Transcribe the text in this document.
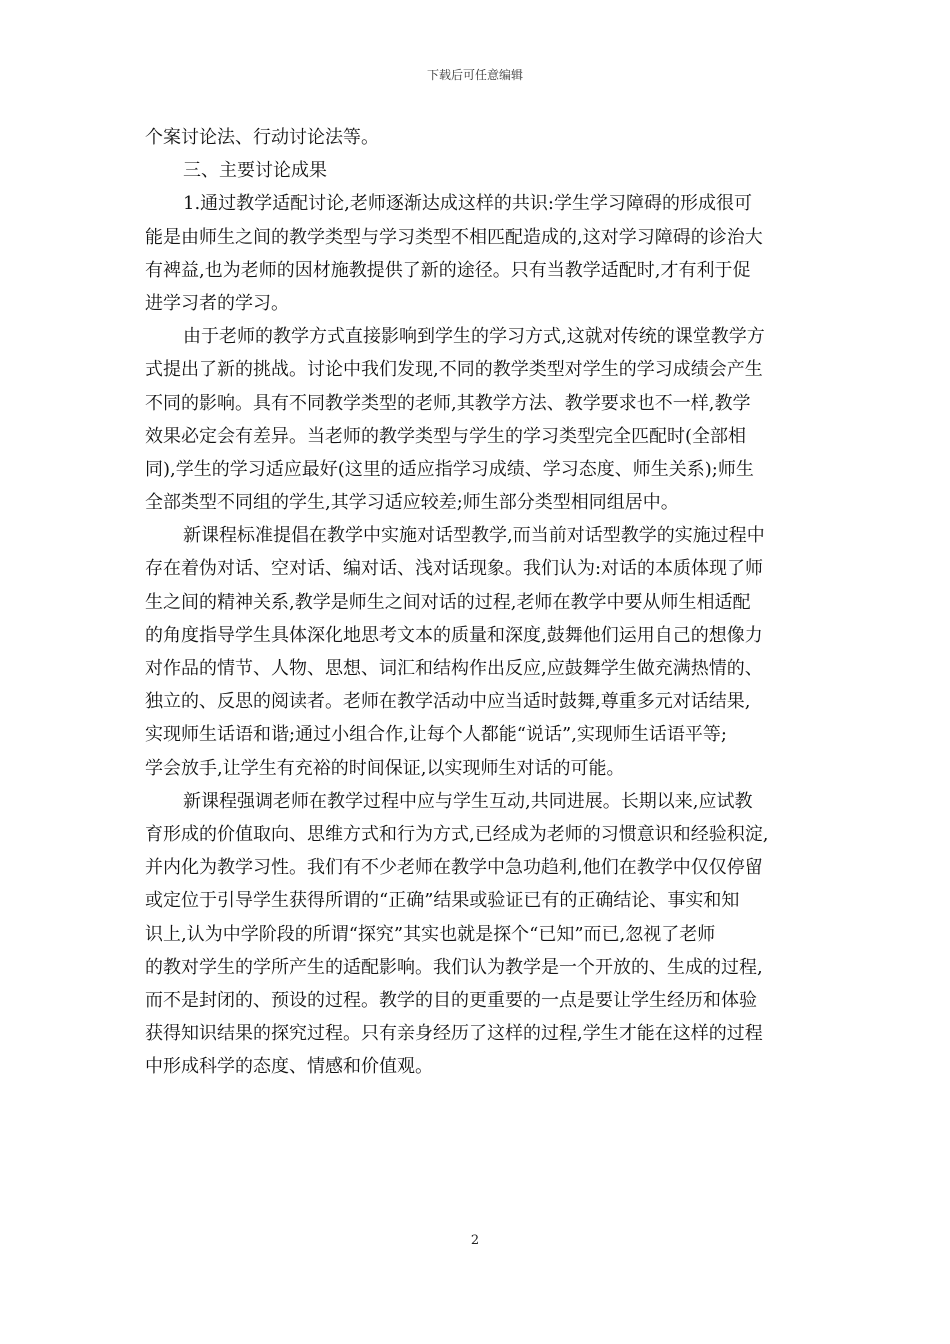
下载后可任意编辑
个案讨论法、行动讨论法等。
三、主要讨论成果
1.通过教学适配讨论,老师逐渐达成这样的共识:学生学习障碍的形成很可
能是由师生之间的教学类型与学习类型不相匹配造成的,这对学习障碍的诊治大
有裨益,也为老师的因材施教提供了新的途径。只有当教学适配时,才有利于促
进学习者的学习。
由于老师的教学方式直接影响到学生的学习方式,这就对传统的课堂教学方
式提出了新的挑战。讨论中我们发现,不同的教学类型对学生的学习成绩会产生
不同的影响。具有不同教学类型的老师,其教学方法、教学要求也不一样,教学
效果必定会有差异。当老师的教学类型与学生的学习类型完全匹配时(全部相
同),学生的学习适应最好(这里的适应指学习成绩、学习态度、师生关系);师生
全部类型不同组的学生,其学习适应较差;师生部分类型相同组居中。
新课程标准提倡在教学中实施对话型教学,而当前对话型教学的实施过程中
存在着伪对话、空对话、编对话、浅对话现象。我们认为:对话的本质体现了师
生之间的精神关系,教学是师生之间对话的过程,老师在教学中要从师生相适配
的角度指导学生具体深化地思考文本的质量和深度,鼓舞他们运用自己的想像力
对作品的情节、人物、思想、词汇和结构作出反应,应鼓舞学生做充满热情的、
独立的、反思的阅读者。老师在教学活动中应当适时鼓舞,尊重多元对话结果,
实现师生话语和谐;通过小组合作,让每个人都能“说话”,实现师生话语平等;
学会放手,让学生有充裕的时间保证,以实现师生对话的可能。
新课程强调老师在教学过程中应与学生互动,共同进展。长期以来,应试教
育形成的价值取向、思维方式和行为方式,已经成为老师的习惯意识和经验积淀,
并内化为教学习性。我们有不少老师在教学中急功趋利,他们在教学中仅仅停留
或定位于引导学生获得所谓的“正确”结果或验证已有的正确结论、事实和知
识上,认为中学阶段的所谓“探究”其实也就是探个“已知”而已,忽视了老师
的教对学生的学所产生的适配影响。我们认为教学是一个开放的、生成的过程,
而不是封闭的、预设的过程。教学的目的更重要的一点是要让学生经历和体验
获得知识结果的探究过程。只有亲身经历了这样的过程,学生才能在这样的过程
中形成科学的态度、情感和价值观。
2
